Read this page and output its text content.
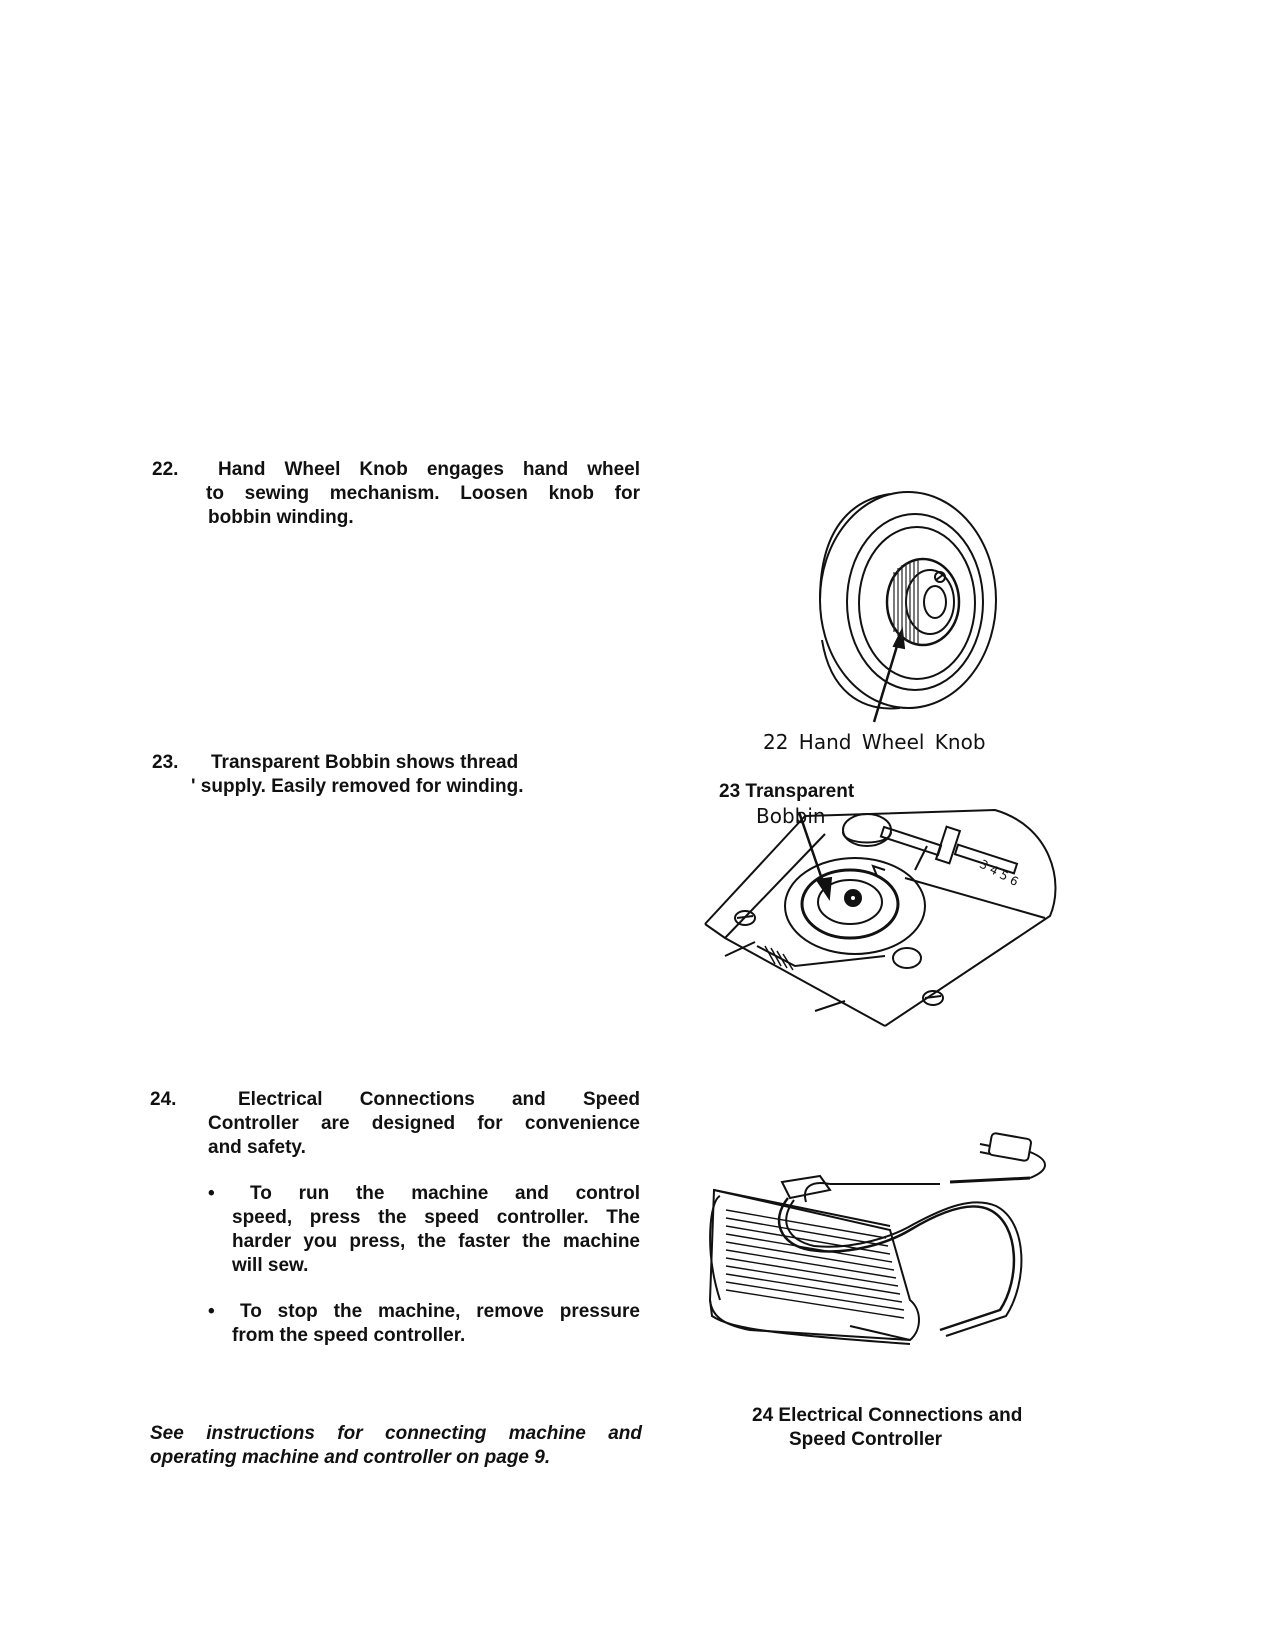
22.	Hand Wheel Knob engages hand wheel
to sewing mechanism. Loosen knob for
bobbin winding.
23.	Transparent Bobbin shows thread
' supply. Easily removed for winding.
24.	Electrical Connections and Speed
Controller are designed for convenience
and safety.
•	To run the machine and control
speed, press the speed controller. The
harder you press, the faster the machine
will sew.
•	To stop the machine, remove pressure
from the speed controller.
See instructions for connecting machine and
operating machine and controller on page 9.
22 Hand Wheel Knob
23 Transparent
Bobbin
3 4 5 6
24 Electrical Connections and
Speed Controller
